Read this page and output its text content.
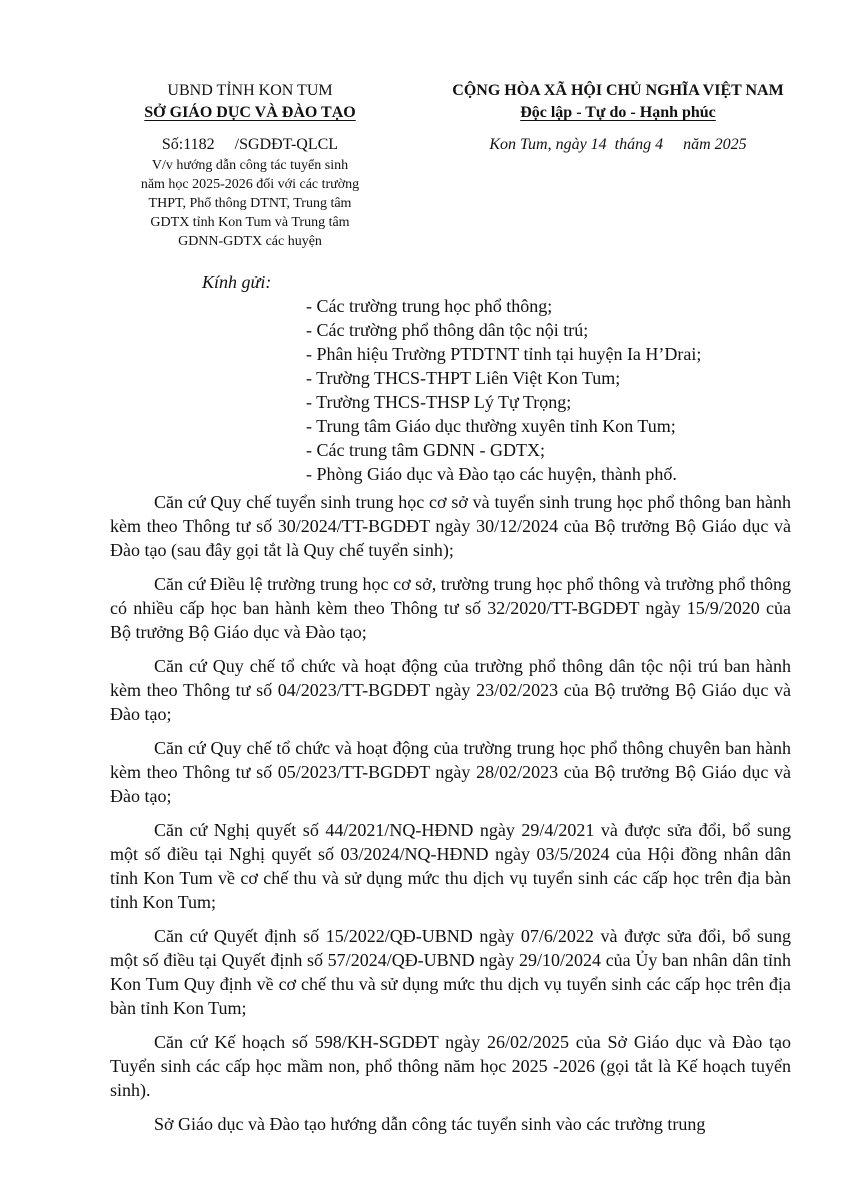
UBND TỈNH KON TUM
SỞ GIÁO DỤC VÀ ĐÀO TẠO
Số:1182     /SGDĐT-QLCL
V/v hướng dẫn công tác tuyển sinh
năm học 2025-2026 đối với các trường
THPT, Phổ thông DTNT, Trung tâm
GDTX tỉnh Kon Tum và Trung tâm
GDNN-GDTX các huyện
CỘNG HÒA XÃ HỘI CHỦ NGHĨA VIỆT NAM
Độc lập - Tự do - Hạnh phúc
Kon Tum, ngày 14  tháng 4     năm 2025
Kính gửi:
- Các trường trung học phổ thông;
- Các trường phổ thông dân tộc nội trú;
- Phân hiệu Trường PTDTNT tỉnh tại huyện Ia H’Drai;
- Trường THCS-THPT Liên Việt Kon Tum;
- Trường THCS-THSP Lý Tự Trọng;
- Trung tâm Giáo dục thường xuyên tỉnh Kon Tum;
- Các trung tâm GDNN - GDTX;
- Phòng Giáo dục và Đào tạo các huyện, thành phố.

Căn cứ Quy chế tuyển sinh trung học cơ sở và tuyển sinh trung học phổ thông ban hành kèm theo Thông tư số 30/2024/TT-BGDĐT ngày 30/12/2024 của Bộ trưởng Bộ Giáo dục và Đào tạo (sau đây gọi tắt là Quy chế tuyển sinh);

Căn cứ Điều lệ trường trung học cơ sở, trường trung học phổ thông và trường phổ thông có nhiều cấp học ban hành kèm theo Thông tư số 32/2020/TT-BGDĐT ngày 15/9/2020 của Bộ trưởng Bộ Giáo dục và Đào tạo;

Căn cứ Quy chế tổ chức và hoạt động của trường phổ thông dân tộc nội trú ban hành kèm theo Thông tư số 04/2023/TT-BGDĐT ngày 23/02/2023 của Bộ trưởng Bộ Giáo dục và Đào tạo;

Căn cứ Quy chế tổ chức và hoạt động của trường trung học phổ thông chuyên ban hành kèm theo Thông tư số 05/2023/TT-BGDĐT ngày 28/02/2023 của Bộ trưởng Bộ Giáo dục và Đào tạo;

Căn cứ Nghị quyết số 44/2021/NQ-HĐND ngày 29/4/2021 và được sửa đổi, bổ sung một số điều tại Nghị quyết số 03/2024/NQ-HĐND ngày 03/5/2024 của Hội đồng nhân dân tỉnh Kon Tum về cơ chế thu và sử dụng mức thu dịch vụ tuyển sinh các cấp học trên địa bàn tỉnh Kon Tum;

Căn cứ Quyết định số 15/2022/QĐ-UBND ngày 07/6/2022 và được sửa đổi, bổ sung một số điều tại Quyết định số 57/2024/QĐ-UBND ngày 29/10/2024 của Ủy ban nhân dân tỉnh Kon Tum Quy định về cơ chế thu và sử dụng mức thu dịch vụ tuyển sinh các cấp học trên địa bàn tỉnh Kon Tum;

Căn cứ Kế hoạch số 598/KH-SGDĐT ngày 26/02/2025 của Sở Giáo dục và Đào tạo Tuyển sinh các cấp học mầm non, phổ thông năm học 2025 -2026 (gọi tắt là Kế hoạch tuyển sinh).

Sở Giáo dục và Đào tạo hướng dẫn công tác tuyển sinh vào các trường trung
